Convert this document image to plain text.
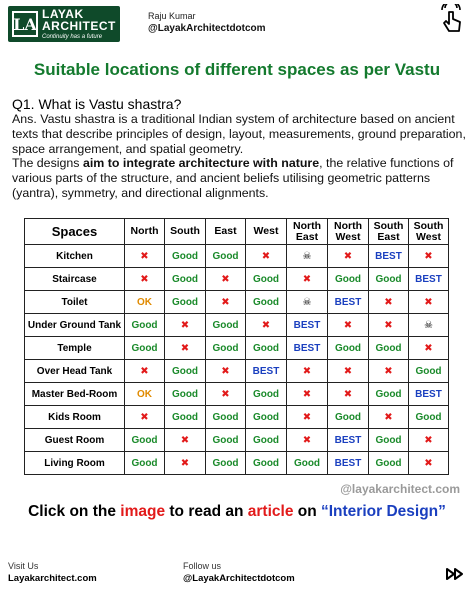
LA
LAYAK ARCHITECT
Continuity has a future
Raju Kumar
@LayakArchitectdotcom
Suitable locations of different spaces as per Vastu
Q1. What is Vastu shastra?
Ans. Vastu shastra is a traditional Indian system of architecture based on ancient texts that describe principles of design, layout, measurements, ground preparation, space arrangement, and spatial geometry.
The designs aim to integrate architecture with nature, the relative functions of various parts of the structure, and ancient beliefs utilising geometric patterns (yantra), symmetry, and directional alignments.
Spaces	North	South	East	West	North East	North West	South East	South West
Kitchen	✖	Good	Good	✖	☠	✖	BEST	✖
Staircase	✖	Good	✖	Good	✖	Good	Good	BEST
Toilet	OK	Good	✖	Good	☠	BEST	✖	✖
Under Ground Tank	Good	✖	Good	✖	BEST	✖	✖	☠
Temple	Good	✖	Good	Good	BEST	Good	Good	✖
Over Head Tank	✖	Good	✖	BEST	✖	✖	✖	Good
Master Bed-Room	OK	Good	✖	Good	✖	✖	Good	BEST
Kids Room	✖	Good	Good	Good	✖	Good	✖	Good
Guest Room	Good	✖	Good	Good	✖	BEST	Good	✖
Living Room	Good	✖	Good	Good	Good	BEST	Good	✖
@layakarchitect.com
Click on the image to read an article on “Interior Design”
Visit Us
Layakarchitect.com
Follow us
@LayakArchitectdotcom
